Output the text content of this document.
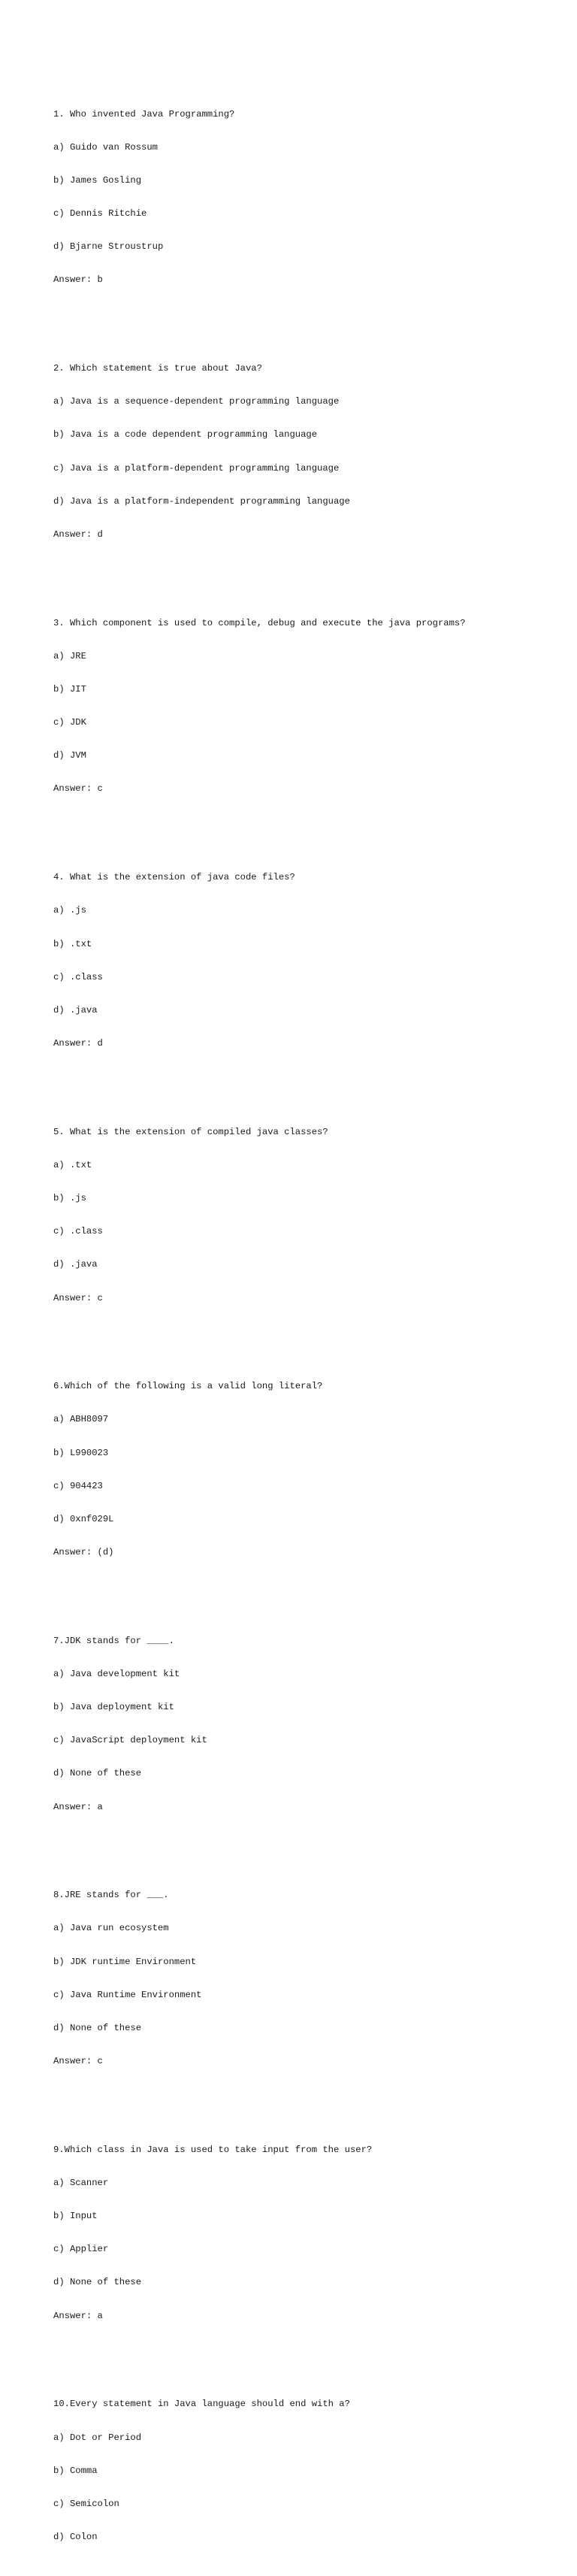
1. Who invented Java Programming?

a) Guido van Rossum

b) James Gosling

c) Dennis Ritchie

d) Bjarne Stroustrup

Answer: b

2. Which statement is true about Java?

a) Java is a sequence-dependent programming language

b) Java is a code dependent programming language

c) Java is a platform-dependent programming language

d) Java is a platform-independent programming language

Answer: d

3. Which component is used to compile, debug and execute the java programs?

a) JRE

b) JIT

c) JDK

d) JVM

Answer: c

4. What is the extension of java code files?

a) .js

b) .txt

c) .class

d) .java

Answer: d

5. What is the extension of compiled java classes?

a) .txt

b) .js

c) .class

d) .java

Answer: c

6.Which of the following is a valid long literal?

a) ABH8097

b) L990023

c) 904423

d) 0xnf029L

Answer: (d)

7.JDK stands for ____.

a) Java development kit

b) Java deployment kit

c) JavaScript deployment kit

d) None of these

Answer: a

8.JRE stands for ___.

a) Java run ecosystem

b) JDK runtime Environment

c) Java Runtime Environment

d) None of these

Answer: c

9.Which class in Java is used to take input from the user?

a) Scanner

b) Input

c) Applier

d) None of these

Answer: a

10.Every statement in Java language should end with a?

a) Dot or Period

b) Comma

c) Semicolon

d) Colon
